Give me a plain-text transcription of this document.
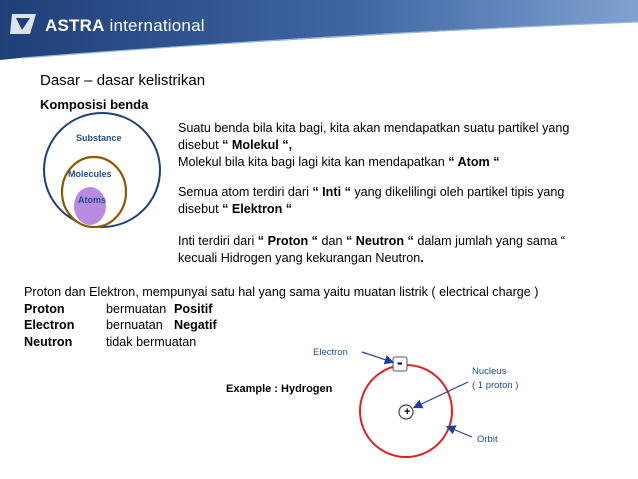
ASTRA international
Dasar – dasar kelistrikan
Komposisi benda
Substance
Molecules
Atoms
Suatu benda bila kita bagi, kita akan mendapatkan suatu partikel yang
disebut “ Molekul “,
Molekul bila kita bagi lagi kita kan mendapatkan “ Atom “
Semua atom terdiri dari “ Inti “ yang dikelilingi oleh partikel tipis yang
disebut “ Elektron “
Inti terdiri dari “ Proton “ dan “ Neutron “ dalam jumlah yang sama “
kecuali Hidrogen yang kekurangan Neutron.
Proton dan Elektron, mempunyai satu hal yang sama yaitu muatan listrik ( electrical charge )
Proton	bermuatan Positif
Electron	bernuatan Negatif
Neutron	tidak bermuatan
Example : Hydrogen
-
+
Electron
Nucleus
( 1 proton )
Orbit
